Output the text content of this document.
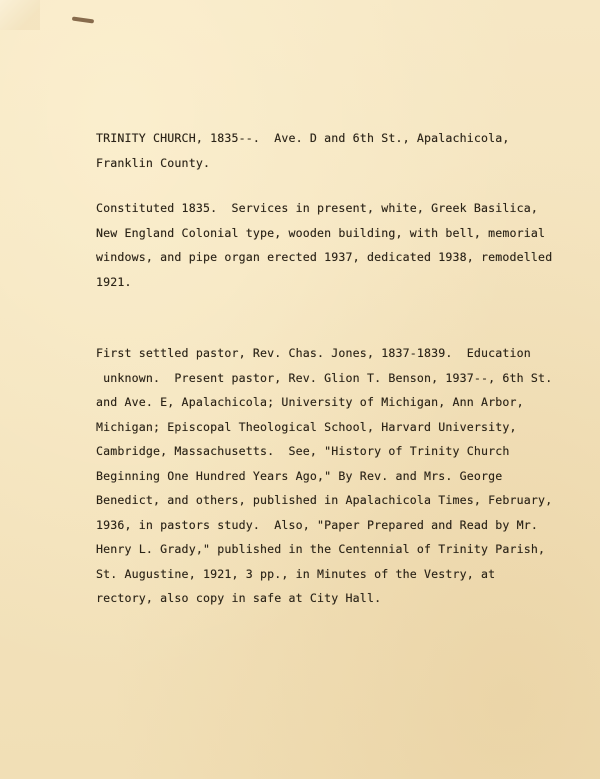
TRINITY CHURCH, 1835--.  Ave. D and 6th St., Apalachicola,
Franklin County.

Constituted 1835.  Services in present, white, Greek Basilica,
New England Colonial type, wooden building, with bell, memorial
windows, and pipe organ erected 1937, dedicated 1938, remodelled
1921.

First settled pastor, Rev. Chas. Jones, 1837-1839.  Education
unknown.  Present pastor, Rev. Glion T. Benson, 1937--, 6th St.
and Ave. E, Apalachicola; University of Michigan, Ann Arbor,
Michigan; Episcopal Theological School, Harvard University,
Cambridge, Massachusetts.  See, "History of Trinity Church
Beginning One Hundred Years Ago," By Rev. and Mrs. George
Benedict, and others, published in Apalachicola Times, February,
1936, in pastors study.  Also, "Paper Prepared and Read by Mr.
Henry L. Grady," published in the Centennial of Trinity Parish,
St. Augustine, 1921, 3 pp., in Minutes of the Vestry, at
rectory, also copy in safe at City Hall.
